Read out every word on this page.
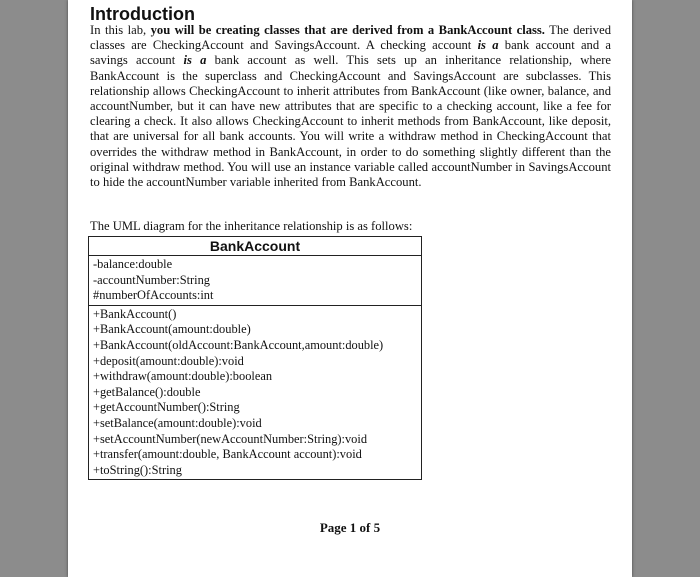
Introduction
In this lab, you will be creating classes that are derived from a BankAccount class. The derived classes are CheckingAccount and SavingsAccount. A checking account is a bank account and a savings account is a bank account as well. This sets up an inheritance relationship, where BankAccount is the superclass and CheckingAccount and SavingsAccount are subclasses. This relationship allows CheckingAccount to inherit attributes from BankAccount (like owner, balance, and accountNumber, but it can have new attributes that are specific to a checking account, like a fee for clearing a check. It also allows CheckingAccount to inherit methods from BankAccount, like deposit, that are universal for all bank accounts. You will write a withdraw method in CheckingAccount that overrides the withdraw method in BankAccount, in order to do something slightly different than the original withdraw method. You will use an instance variable called accountNumber in SavingsAccount to hide the accountNumber variable inherited from BankAccount.
The UML diagram for the inheritance relationship is as follows:
BankAccount
-balance:double
-accountNumber:String
#numberOfAccounts:int
+BankAccount()
+BankAccount(amount:double)
+BankAccount(oldAccount:BankAccount,amount:double)
+deposit(amount:double):void
+withdraw(amount:double):boolean
+getBalance():double
+getAccountNumber():String
+setBalance(amount:double):void
+setAccountNumber(newAccountNumber:String):void
+transfer(amount:double, BankAccount account):void
+toString():String
Page 1 of 5
